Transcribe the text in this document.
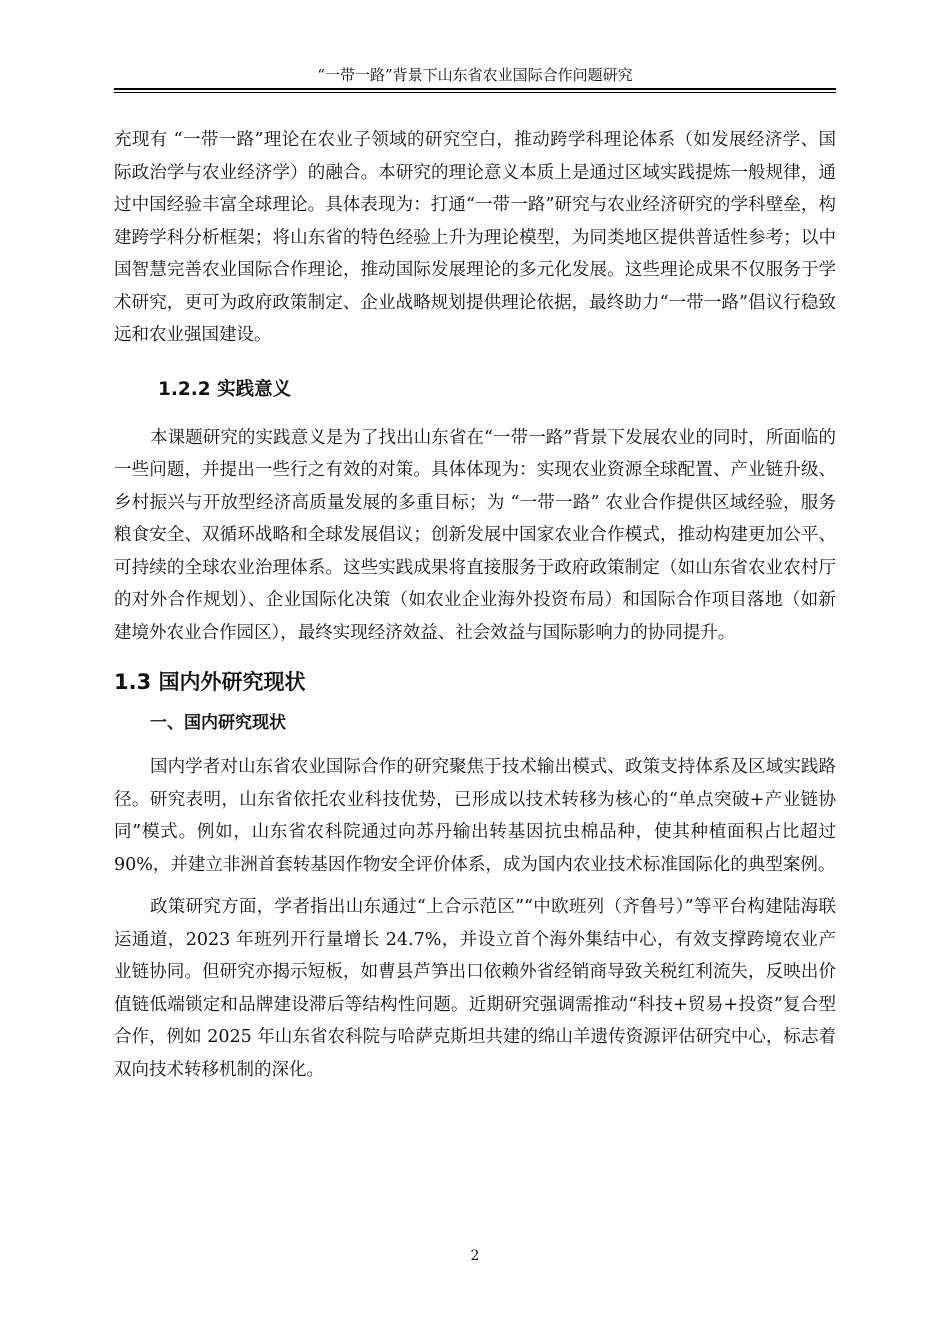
“一带一路”背景下山东省农业国际合作问题研究

充现有 “一带一路”理论在农业子领域的研究空白，推动跨学科理论体系（如发展经济学、国际政治学与农业经济学）的融合。本研究的理论意义本质上是通过区域实践提炼一般规律，通过中国经验丰富全球理论。具体表现为：打通“一带一路”研究与农业经济研究的学科壁垒，构建跨学科分析框架；将山东省的特色经验上升为理论模型，为同类地区提供普适性参考；以中国智慧完善农业国际合作理论，推动国际发展理论的多元化发展。这些理论成果不仅服务于学术研究，更可为政府政策制定、企业战略规划提供理论依据，最终助力“一带一路”倡议行稳致远和农业强国建设。

1.2.2 实践意义

本课题研究的实践意义是为了找出山东省在“一带一路”背景下发展农业的同时，所面临的一些问题，并提出一些行之有效的对策。具体体现为：实现农业资源全球配置、产业链升级、乡村振兴与开放型经济高质量发展的多重目标；为 “一带一路” 农业合作提供区域经验，服务粮食安全、双循环战略和全球发展倡议；创新发展中国家农业合作模式，推动构建更加公平、可持续的全球农业治理体系。这些实践成果将直接服务于政府政策制定（如山东省农业农村厅的对外合作规划）、企业国际化决策（如农业企业海外投资布局）和国际合作项目落地（如新建境外农业合作园区），最终实现经济效益、社会效益与国际影响力的协同提升。

1.3 国内外研究现状
一、国内研究现状

国内学者对山东省农业国际合作的研究聚焦于技术输出模式、政策支持体系及区域实践路径。研究表明，山东省依托农业科技优势，已形成以技术转移为核心的“单点突破+产业链协同”模式。例如，山东省农科院通过向苏丹输出转基因抗虫棉品种，使其种植面积占比超过 90%，并建立非洲首套转基因作物安全评价体系，成为国内农业技术标准国际化的典型案例。

政策研究方面，学者指出山东通过“上合示范区”“中欧班列（齐鲁号）”等平台构建陆海联运通道，2023 年班列开行量增长 24.7%，并设立首个海外集结中心，有效支撑跨境农业产业链协同。但研究亦揭示短板，如曹县芦笋出口依赖外省经销商导致关税红利流失，反映出价值链低端锁定和品牌建设滞后等结构性问题。近期研究强调需推动“科技+贸易+投资”复合型合作，例如 2025 年山东省农科院与哈萨克斯坦共建的绵山羊遗传资源评估研究中心，标志着双向技术转移机制的深化。

2
